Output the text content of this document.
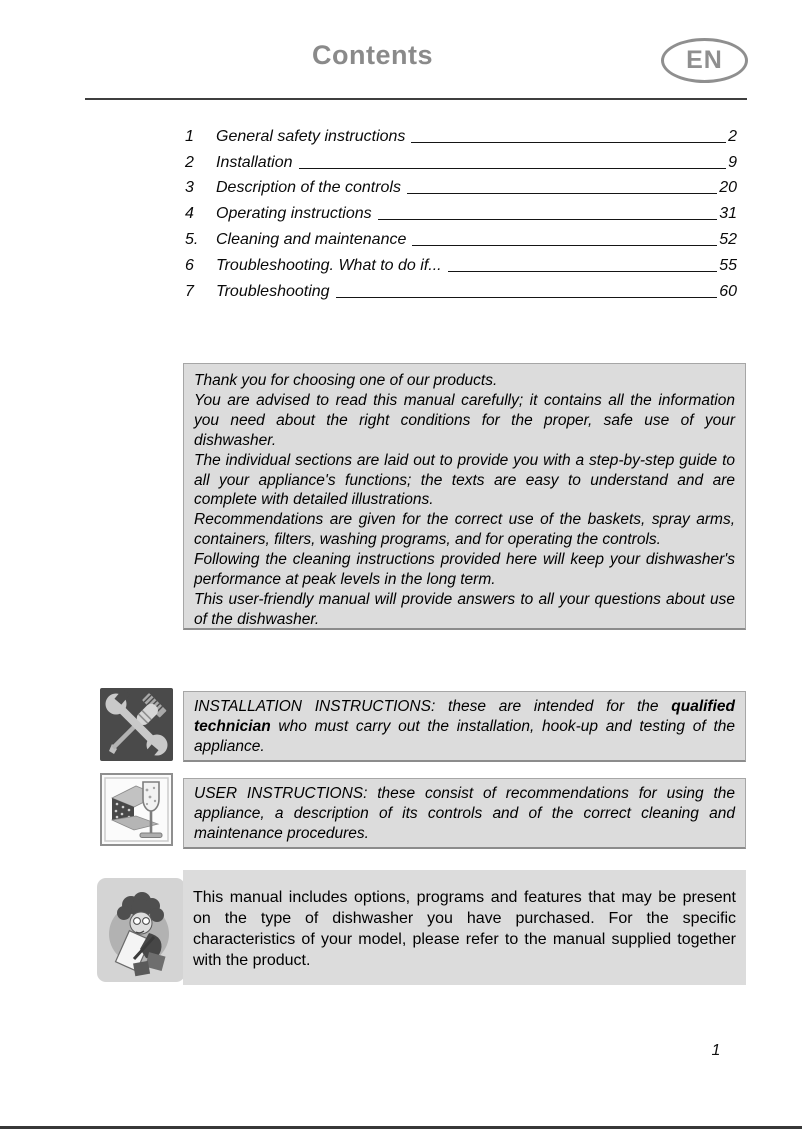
Contents	EN
1	General safety instructions	2
2	Installation	9
3	Description of the controls	20
4	Operating instructions	31
5.	Cleaning and maintenance	52
6	Troubleshooting. What to do if...	55
7	Troubleshooting	60

Thank you for choosing one of our products.

You are advised to read this manual carefully; it contains all the information you need about the right conditions for the proper, safe use of your dishwasher.

The individual sections are laid out to provide you with a step-by-step guide to all your appliance's functions; the texts are easy to understand and are complete with detailed illustrations.

Recommendations are given for the correct use of the baskets, spray arms, containers, filters, washing programs, and for operating the controls.

Following the cleaning instructions provided here will keep your dishwasher's performance at peak levels in the long term.

This user-friendly manual will provide answers to all your questions about use of the dishwasher.

INSTALLATION INSTRUCTIONS: these are intended for the qualified technician who must carry out the installation, hook-up and testing of the appliance.

USER INSTRUCTIONS: these consist of recommendations for using the appliance, a description of its controls and of the correct cleaning and maintenance procedures.

This manual includes options, programs and features that may be present on the type of dishwasher you have purchased. For the specific characteristics of your model, please refer to the manual supplied together with the product.

1
